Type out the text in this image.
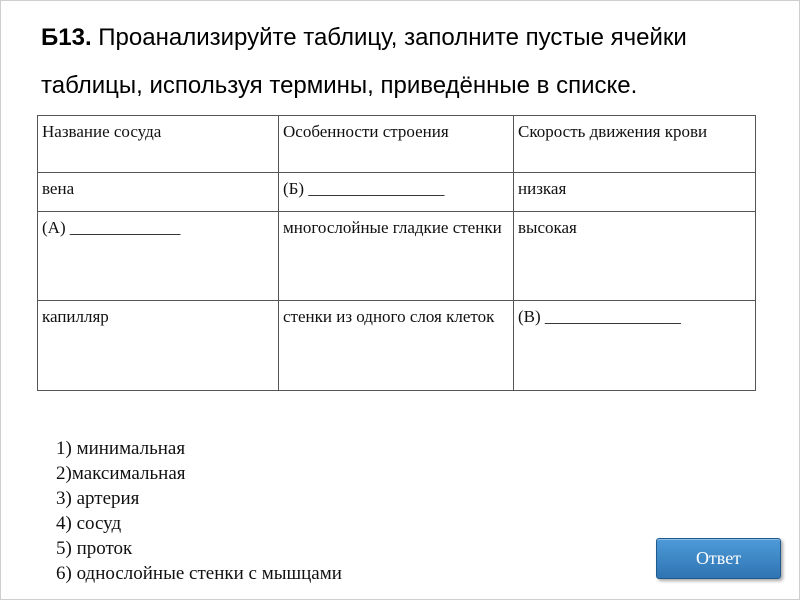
Б13. Проанализируйте таблицу, заполните пустые ячейки таблицы, используя термины, приведённые в списке.
Название сосуда	Особенности строения	Скорость движения крови
вена	(Б) ________________	низкая
(А) _____________	многослойные гладкие стенки	высокая
капилляр	стенки из одного слоя клеток	(В) ________________
1) минимальная
2)максимальная
3) артерия
4) сосуд
5) проток
6) однослойные стенки с мышцами
Ответ
